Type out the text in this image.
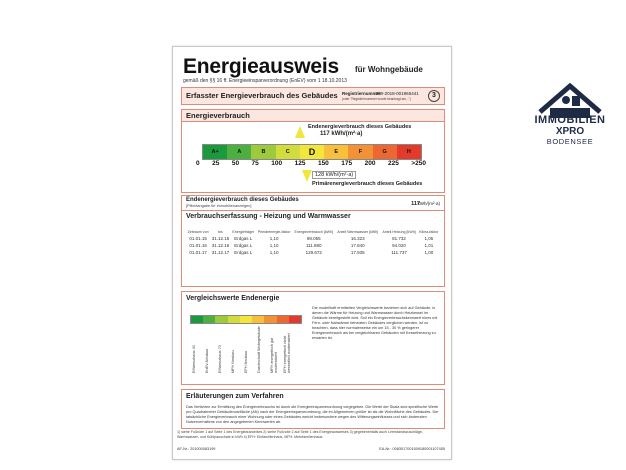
Energieausweis für Wohngebäude
gemäß den §§ 16 ff. Energieeinsparverordnung (EnEV) vom 1 18.10.2013
Erfasster Energieverbrauch des Gebäudes Registriernummer
BW-2018-001965441
(oder "Registriernummer wurde beantragt am...")	3
Energieverbrauch
Endenergieverbrauch dieses Gebäudes
117 kWh/(m²·a)
A+	A	B	C	D	E	F	G	H
0 25 50 75 100 125 150 175 200 225 >250
128 kWh/(m²·a)
Primärenergieverbrauch dieses Gebäudes
Endenergieverbrauch dieses Gebäudes
[Pflichtangabe für Immobilienanzeigen]	117
kWh/(m²·a)
Verbrauchserfassung - Heizung und Warmwasser
Zeitraum von	bis	Energieträger	Primärenergie-faktor	Energieverbrauch [kWh]	Anteil Warmwasser [kWh]	Anteil Heizung [kWh]	Klima-faktor
01.01.15	31.12.15	Erdgas L	1,10	98.055	16.323	81.732	1,05
01.01.16	31.12.16	Erdgas L	1,10	111.880	17.840	94.020	1,01
01.01.17	31.12.17	Erdgas L	1,10	129.672	17.935	111.737	1,00
Vergleichswerte Endenergie
Effizienzhaus 40	EnEV-Neubau	Effizienzhaus 70	MFH Neubau	EFH Neubau	Durchschnitt Wohngebäude	MFH energetisch gut modernisiert	EFH energetisch nicht wesentlich modernisiert
Die modellhaft ermittelten Vergleichswerte beziehen sich auf Gebäude, in denen die Wärme für Heizung und Warmwasser durch Heizkessel im Gebäude bereitgestellt wird. Soll ein Energieverbrauchskennwert eines mit Fern- oder Nahwärme beheizten Gebäudes verglichen werden, ist zu beachten, dass hier normalerweise ein um 15 - 30 % geringerer Energieverbrauch als bei vergleichbaren Gebäuden mit Kesselheizung zu erwarten ist.
Erläuterungen zum Verfahren
Das Verfahren zur Ermittlung des Energieverbrauchs ist durch die Energieeinsparverordnung vorgegeben. Die Werte der Skala sind spezifische Werte pro Quadratmeter Gebäudenutzfläche (AN) nach der Energieeinsparverordnung, die im Allgemeinen größer ist als die Wohnfläche des Gebäudes. Der tatsächliche Energieverbrauch einer Wohnung oder eines Gebäudes weicht insbesondere wegen des Witterungseinflusses und sich ändernden Nutzerverhaltens von den angegebenen Kennwerten ab.
1) siehe Fußnote 1 auf Seite 1 des Energieausweises 2) siehe Fußnote 2 auf Seite 1 des Energieausweises 3) gegebenenfalls auch Leerstandszuschläge, Warmwasser- und Kühlpauschale in kWh 4) EFH: Einfamilienhaus, MFH: Mehrfamilienhaus
AF-Nr.: 201000083199	EA-Nr.: 0083017001509180001107455
IMMOBILIEN
XPRO
BODENSEE
